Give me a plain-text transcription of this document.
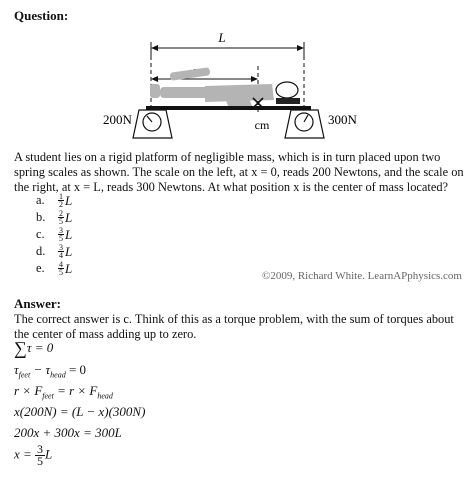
Question:
L
cm
200N	300N
A student lies on a rigid platform of negligible mass, which is in turn placed upon two spring scales as shown. The scale on the left, at x = 0, reads 200 Newtons, and the scale on the right, at x = L, reads 300 Newtons. At what position x is the center of mass located?
a.	$\frac{1}{2}$ L
b.	$\frac{2}{5}$ L
c.	$\frac{3}{5}$ L
d.	$\frac{3}{4}$ L
e.	$\frac{4}{5}$ L
©2009, Richard White. LearnAPphysics.com
Answer:
The correct answer is c. Think of this as a torque problem, with the sum of torques about the center of mass adding up to zero.
∑τ = 0
$\tau_{feet} - \tau_{head} = 0$
$r \times F_{feet} = r \times F_{head}$
x(200N) = (L − x)(300N)
200x + 300x = 300L
$x = \frac{3}{5}$ L
